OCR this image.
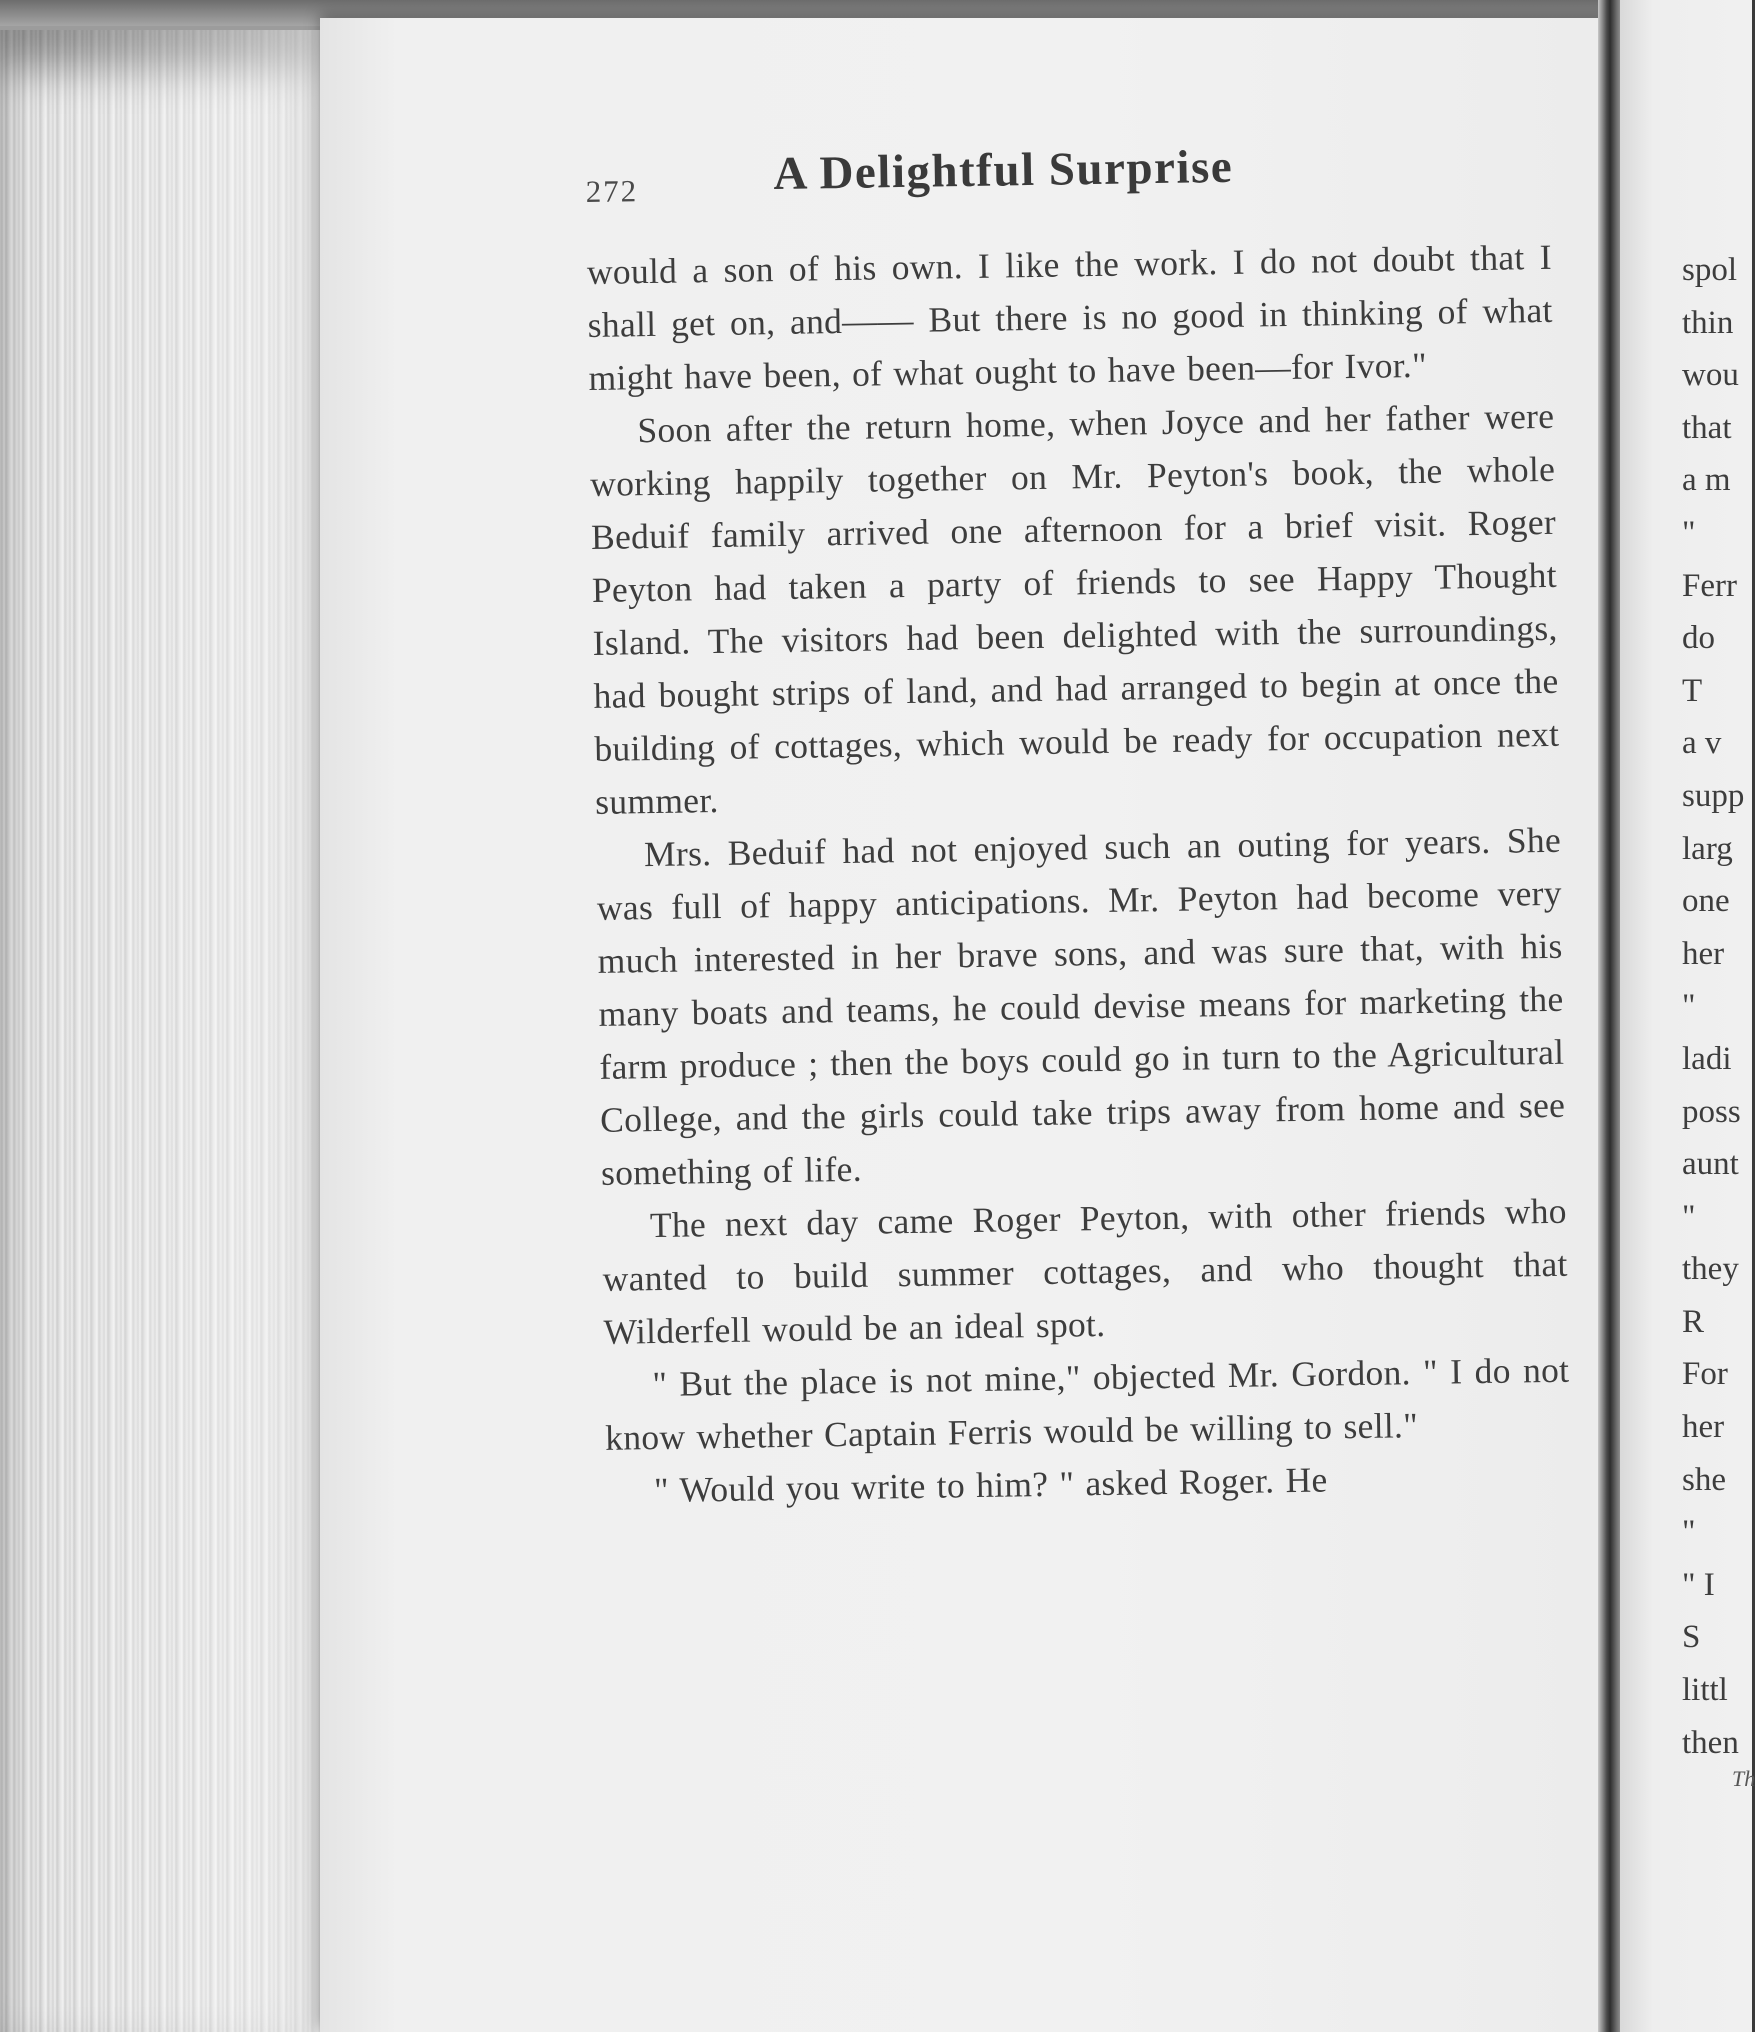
272	A Delightful Surprise

would a son of his own. I like the work. I do not doubt that I shall get on, and—— But there is no good in thinking of what might have been, of what ought to have been—for Ivor."

Soon after the return home, when Joyce and her father were working happily together on Mr. Peyton's book, the whole Beduif family arrived one afternoon for a brief visit. Roger Peyton had taken a party of friends to see Happy Thought Island. The visitors had been delighted with the surroundings, had bought strips of land, and had arranged to begin at once the building of cottages, which would be ready for occupation next summer.

Mrs. Beduif had not enjoyed such an outing for years. She was full of happy anticipations. Mr. Peyton had become very much interested in her brave sons, and was sure that, with his many boats and teams, he could devise means for marketing the farm produce ; then the boys could go in turn to the Agricultural College, and the girls could take trips away from home and see something of life.

The next day came Roger Peyton, with other friends who wanted to build summer cottages, and who thought that Wilderfell would be an ideal spot.

" But the place is not mine," objected Mr. Gordon. " I do not know whether Captain Ferris would be willing to sell."

" Would you write to him? " asked Roger. He

spol
thin
wou
that
a m
"
Ferr
do
T
a v
supp
larg
one
her
"
ladi
poss
aunt
"
they
R
For
her
she
"
" I
S
littl
then
Th
